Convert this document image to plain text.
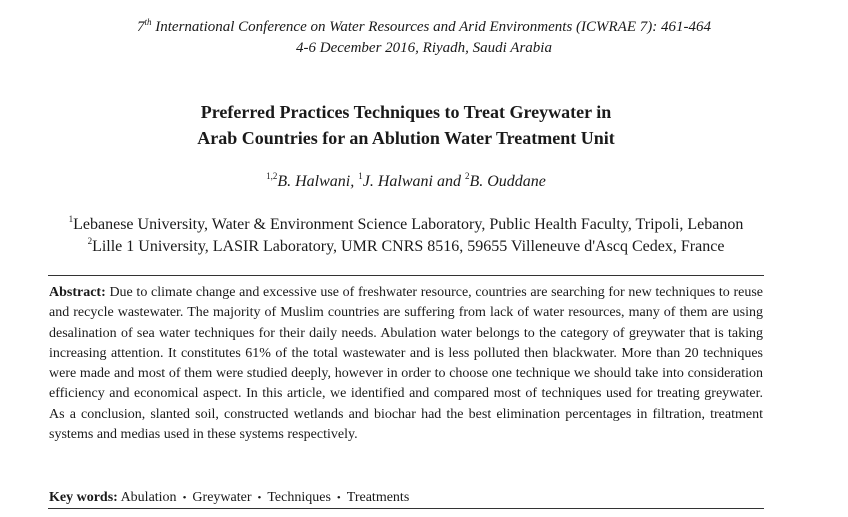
7th International Conference on Water Resources and Arid Environments (ICWRAE 7): 461-464
4-6 December 2016, Riyadh, Saudi Arabia
Preferred Practices Techniques to Treat Greywater in
Arab Countries for an Ablution Water Treatment Unit
$^{1,2}$B. Halwani, $^1$J. Halwani and $^2$B. Ouddane
$^1$Lebanese University, Water & Environment Science Laboratory, Public Health Faculty, Tripoli, Lebanon
$^2$Lille 1 University, LASIR Laboratory, UMR CNRS 8516, 59655 Villeneuve d'Ascq Cedex, France

Abstract: Due to climate change and excessive use of freshwater resource, countries are searching for new techniques to reuse and recycle wastewater. The majority of Muslim countries are suffering from lack of water resources, many of them are using desalination of sea water techniques for their daily needs. Abulation water belongs to the category of greywater that is taking increasing attention. It constitutes 61% of the total wastewater and is less polluted then blackwater. More than 20 techniques were made and most of them were studied deeply, however in order to choose one technique we should take into consideration efficiency and economical aspect. In this article, we identified and compared most of techniques used for treating greywater. As a conclusion, slanted soil, constructed wetlands and biochar had the best elimination percentages in filtration, treatment systems and medias used in these systems respectively.

Key words: Abulation • Greywater • Techniques • Treatments
